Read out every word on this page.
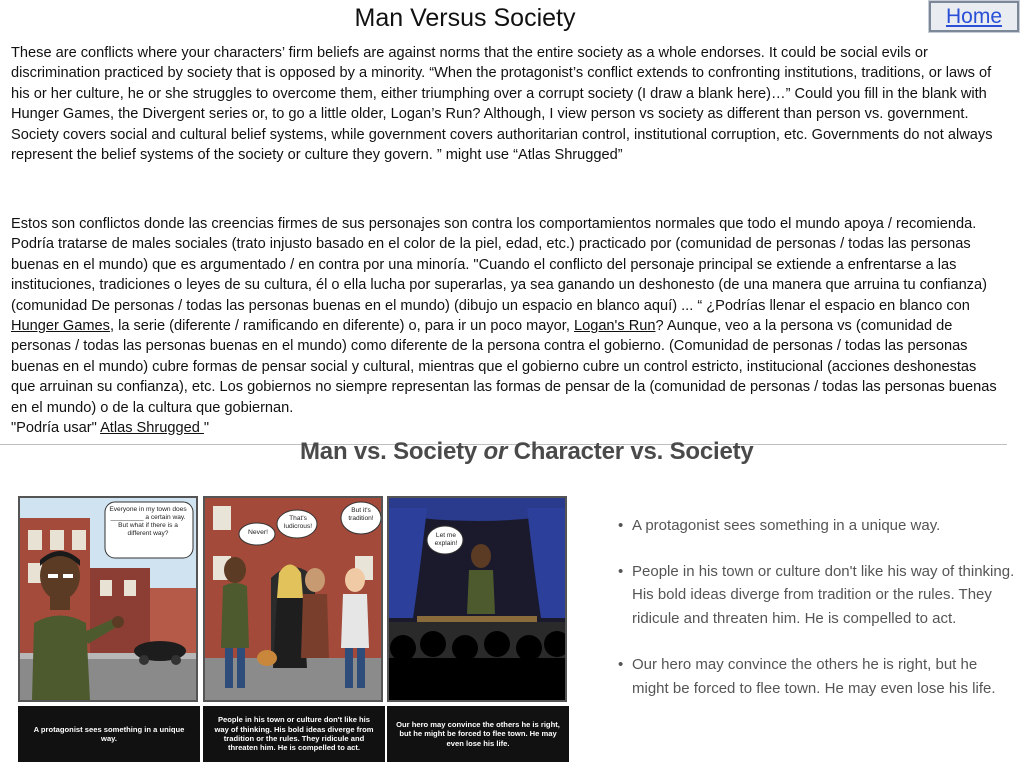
Man Versus Society	Home

These are conflicts where your characters’ firm beliefs are against norms that the entire society as a whole endorses. It could be social evils or discrimination practiced by society that is opposed by a minority. “When the protagonist’s conflict extends to confronting institutions, traditions, or laws of his or her culture, he or she struggles to overcome them, either triumphing over a corrupt society (I draw a blank here)…” Could you fill in the blank with Hunger Games, the Divergent series or, to go a little older, Logan’s Run? Although, I view person vs society as different than person vs. government. Society covers social and cultural belief systems, while government covers authoritarian control, institutional corruption, etc. Governments do not always represent the belief systems of the society or culture they govern. ” might use “Atlas Shrugged”

Estos son conflictos donde las creencias firmes de sus personajes son contra los comportamientos normales que todo el mundo apoya / recomienda. Podría tratarse de males sociales (trato injusto basado en el color de la piel, edad, etc.) practicado por (comunidad de personas / todas las personas buenas en el mundo) que es argumentado / en contra por una minoría. "Cuando el conflicto del personaje principal se extiende a enfrentarse a las instituciones, tradiciones o leyes de su cultura, él o ella lucha por superarlas, ya sea ganando un deshonesto (de una manera que arruina tu confianza) (comunidad De personas / todas las personas buenas en el mundo) (dibujo un espacio en blanco aquí) ... “ ¿Podrías llenar el espacio en blanco con Hunger Games, la serie (diferente / ramificando en diferente) o, para ir un poco mayor, Logan's Run? Aunque, veo a la persona vs (comunidad de personas / todas las personas buenas en el mundo) como diferente de la persona contra el gobierno. (Comunidad de personas / todas las personas buenas en el mundo) cubre formas de pensar social y cultural, mientras que el gobierno cubre un control estricto, institucional (acciones deshonestas que arruinan su confianza), etc. Los gobiernos no siempre representan las formas de pensar de la (comunidad de personas / todas las personas buenas en el mundo) o de la cultura que gobiernan.
"Podría usar" Atlas Shrugged "

Man vs. Society or Character vs. Society
Everyone in my town does _________ a certain way. But what if there is a different way?	Never!
That's ludicrous!
But it's tradition!
Let me explain!
A protagonist sees something in a unique way.
People in his town or culture don't like his way of thinking. His bold ideas diverge from tradition or the rules. They ridicule and threaten him. He is compelled to act.
Our hero may convince the others he is right, but he might be forced to flee town. He may even lose his life.
• A protagonist sees something in a unique way.
• People in his town or culture don't like his way of thinking. His bold ideas diverge from tradition or the rules. They ridicule and threaten him. He is compelled to act.
• Our hero may convince the others he is right, but he might be forced to flee town. He may even lose his life.
